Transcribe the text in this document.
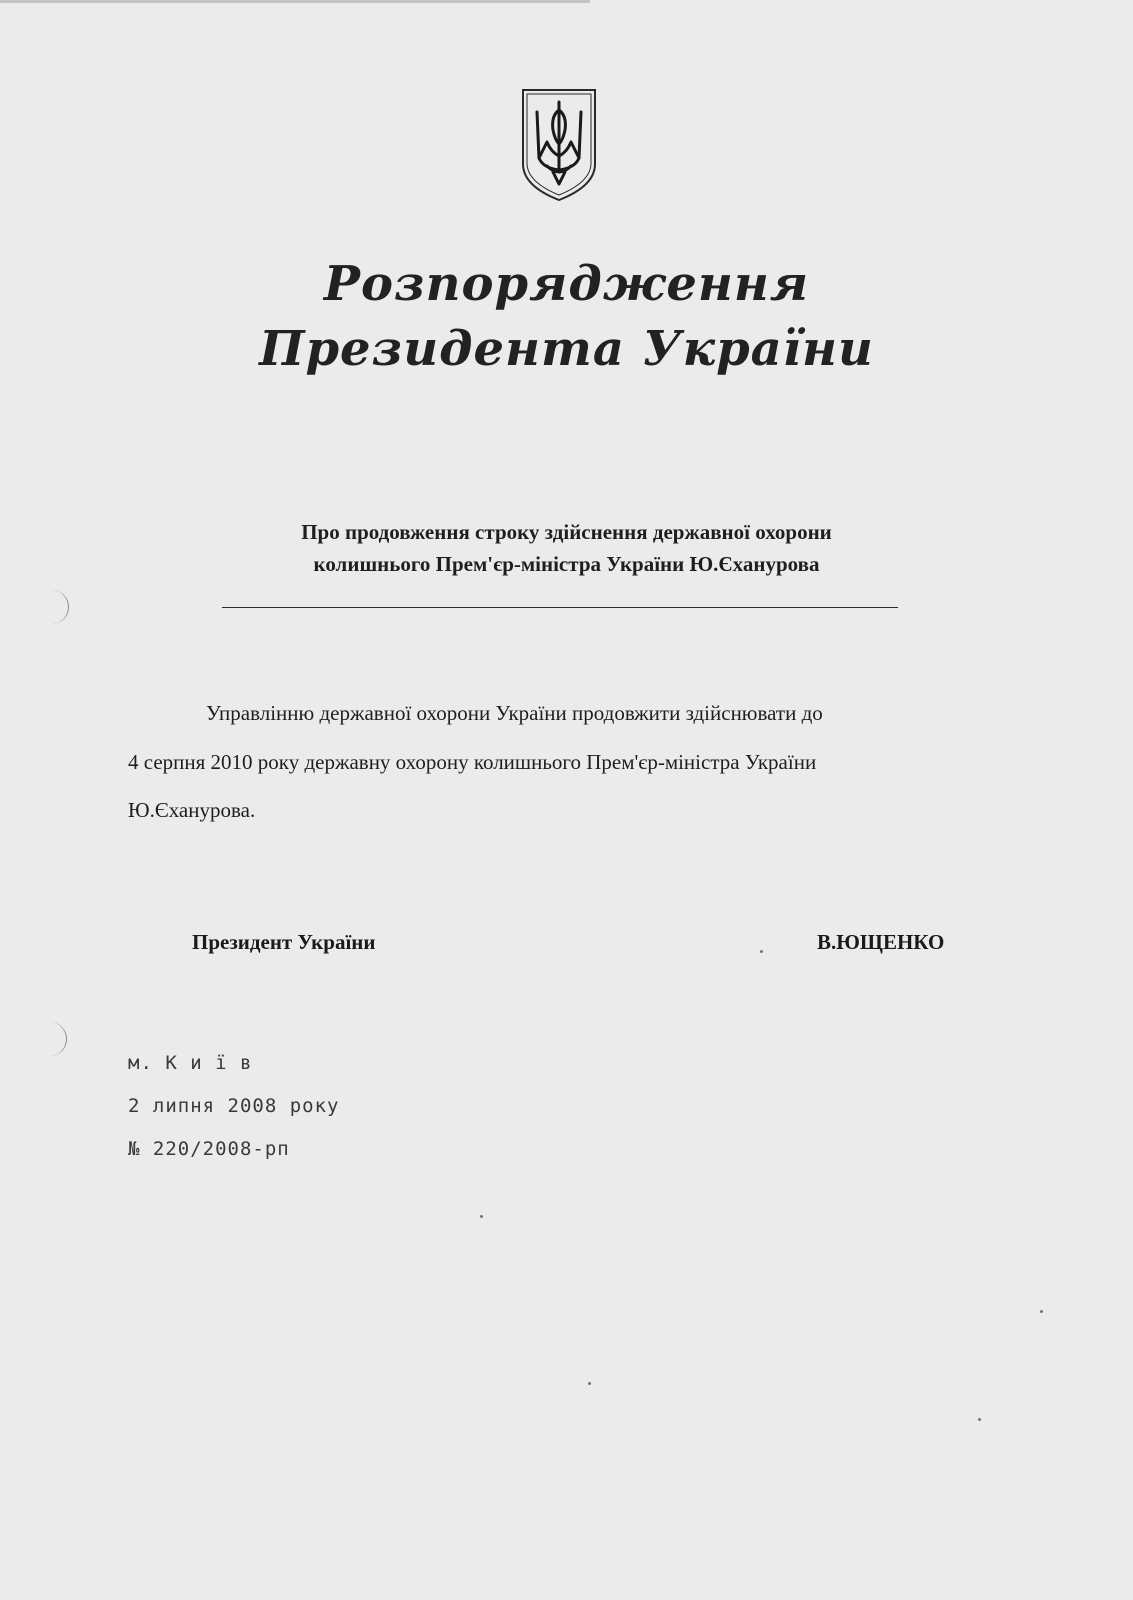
Розпорядження
Президента України
Про продовження строку здійснення державної охорони
колишнього Прем'єр-міністра України Ю.Єханурова
Управлінню державної охорони України продовжити здійснювати до
4 серпня 2010 року державну охорону колишнього Прем'єр-міністра України
Ю.Єханурова.
Президент України	В.ЮЩЕНКО
м. К и ї в
2 липня 2008 року
№ 220/2008-рп
